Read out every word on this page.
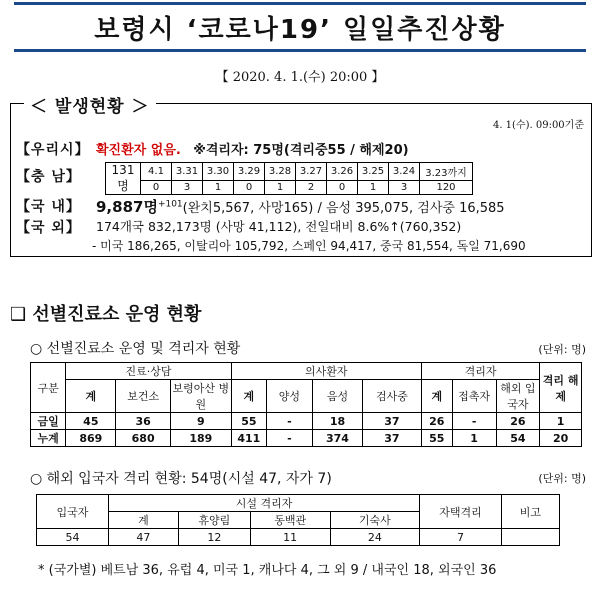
보령시 ‘코로나19’ 일일추진상황
【 2020. 4. 1.(수) 20:00 】
＜ 발생현황 ＞
4. 1(수). 09:00기준
【우리시】 확진환자 없음. ※격리자: 75명(격리중55 / 해제20)
【충 남】	131명	4.1	3.31	3.30	3.29	3.28	3.27	3.26	3.25	3.24	3.23까지
	0	3	1	0	1	2	0	1	3	120
【국 내】 9,887명$^{+101}$(완치5,567, 사망165) / 음성 395,075, 검사중 16,585
【국 외】 174개국 832,173명 (사망 41,112), 전일대비 8.6%↑(760,352)
- 미국 186,265, 이탈리아 105,792, 스페인 94,417, 중국 81,554, 독일 71,690
❑ 선별진료소 운영 현황
○ 선별진료소 운영 및 격리자 현황	(단위: 명)
구분	진료·상담			의사환자				격리자			격리 해제
	계	보건소	보령아산 병원	계	양성	음성	검사중	계	접촉자	해외 입국자	
금일	45	36	9	55	-	18	37	26	-	26	1
누계	869	680	189	411	-	374	37	55	1	54	20
○ 해외 입국자 격리 현황: 54명(시설 47, 자가 7)	(단위: 명)
입국자	시설 격리자				자택격리	비고
	계	휴양림	동백관	기숙사		
54	47	12	11	24	7	
* (국가별) 베트남 36, 유럽 4, 미국 1, 캐나다 4, 그 외 9 / 내국인 18, 외국인 36
